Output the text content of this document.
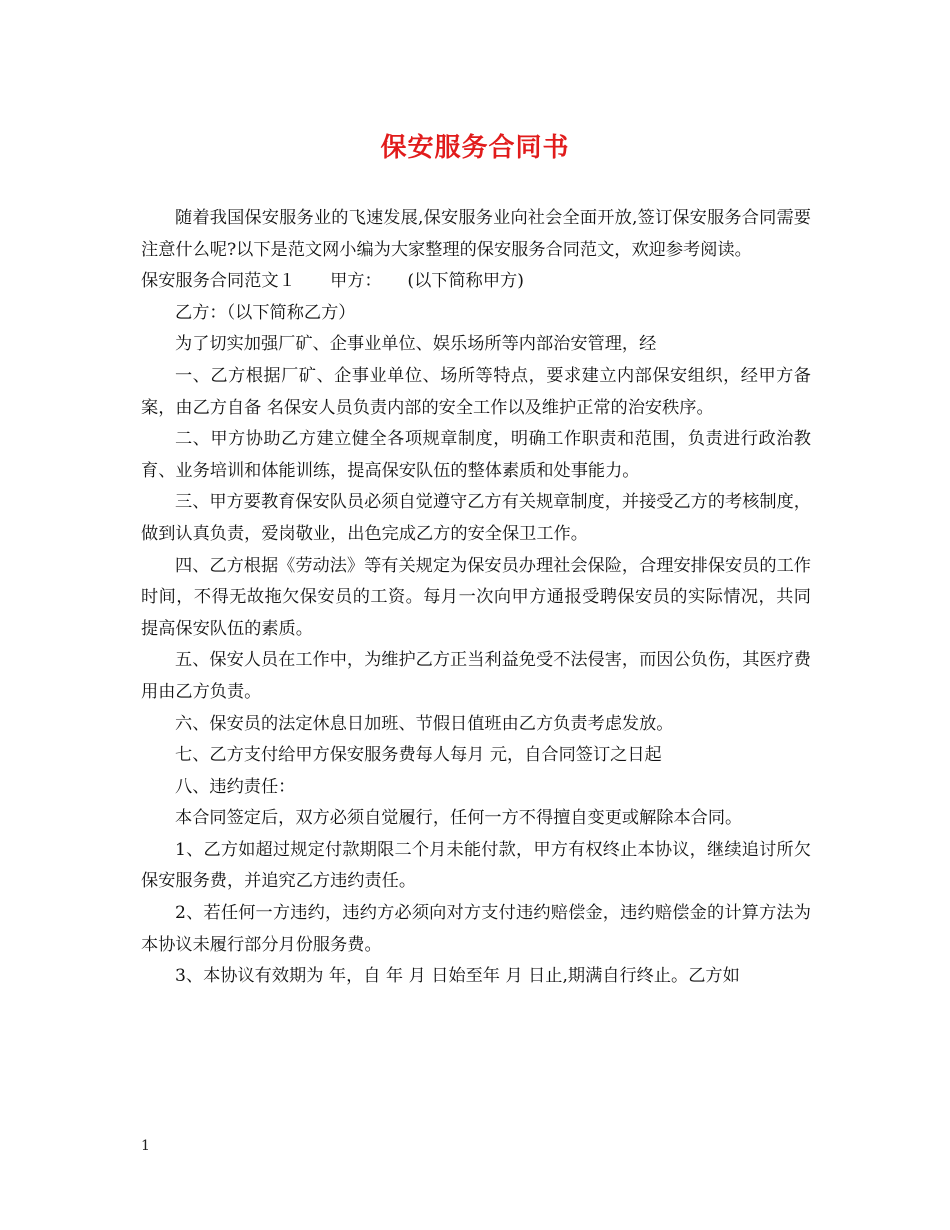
保安服务合同书

随着我国保安服务业的飞速发展,保安服务业向社会全面开放,签订保安服务合同需要注意什么呢?以下是范文网小编为大家整理的保安服务合同范文，欢迎参考阅读。

保安服务合同范文１　　甲方：　　(以下简称甲方)

乙方：（以下简称乙方）

为了切实加强厂矿、企事业单位、娱乐场所等内部治安管理，经

一、乙方根据厂矿、企事业单位、场所等特点，要求建立内部保安组织，经甲方备案，由乙方自备 名保安人员负责内部的安全工作以及维护正常的治安秩序。

二、甲方协助乙方建立健全各项规章制度，明确工作职责和范围，负责进行政治教育、业务培训和体能训练，提高保安队伍的整体素质和处事能力。

三、甲方要教育保安队员必须自觉遵守乙方有关规章制度，并接受乙方的考核制度，做到认真负责，爱岗敬业，出色完成乙方的安全保卫工作。

四、乙方根据《劳动法》等有关规定为保安员办理社会保险，合理安排保安员的工作时间，不得无故拖欠保安员的工资。每月一次向甲方通报受聘保安员的实际情况，共同提高保安队伍的素质。

五、保安人员在工作中，为维护乙方正当利益免受不法侵害，而因公负伤，其医疗费用由乙方负责。

六、保安员的法定休息日加班、节假日值班由乙方负责考虑发放。

七、乙方支付给甲方保安服务费每人每月 元，自合同签订之日起

八、违约责任：

本合同签定后，双方必须自觉履行，任何一方不得擅自变更或解除本合同。

1、乙方如超过规定付款期限二个月未能付款，甲方有权终止本协议，继续追讨所欠保安服务费，并追究乙方违约责任。

2、若任何一方违约，违约方必须向对方支付违约赔偿金，违约赔偿金的计算方法为本协议未履行部分月份服务费。

3、本协议有效期为 年，自 年 月 日始至年 月 日止,期满自行终止。乙方如

1
